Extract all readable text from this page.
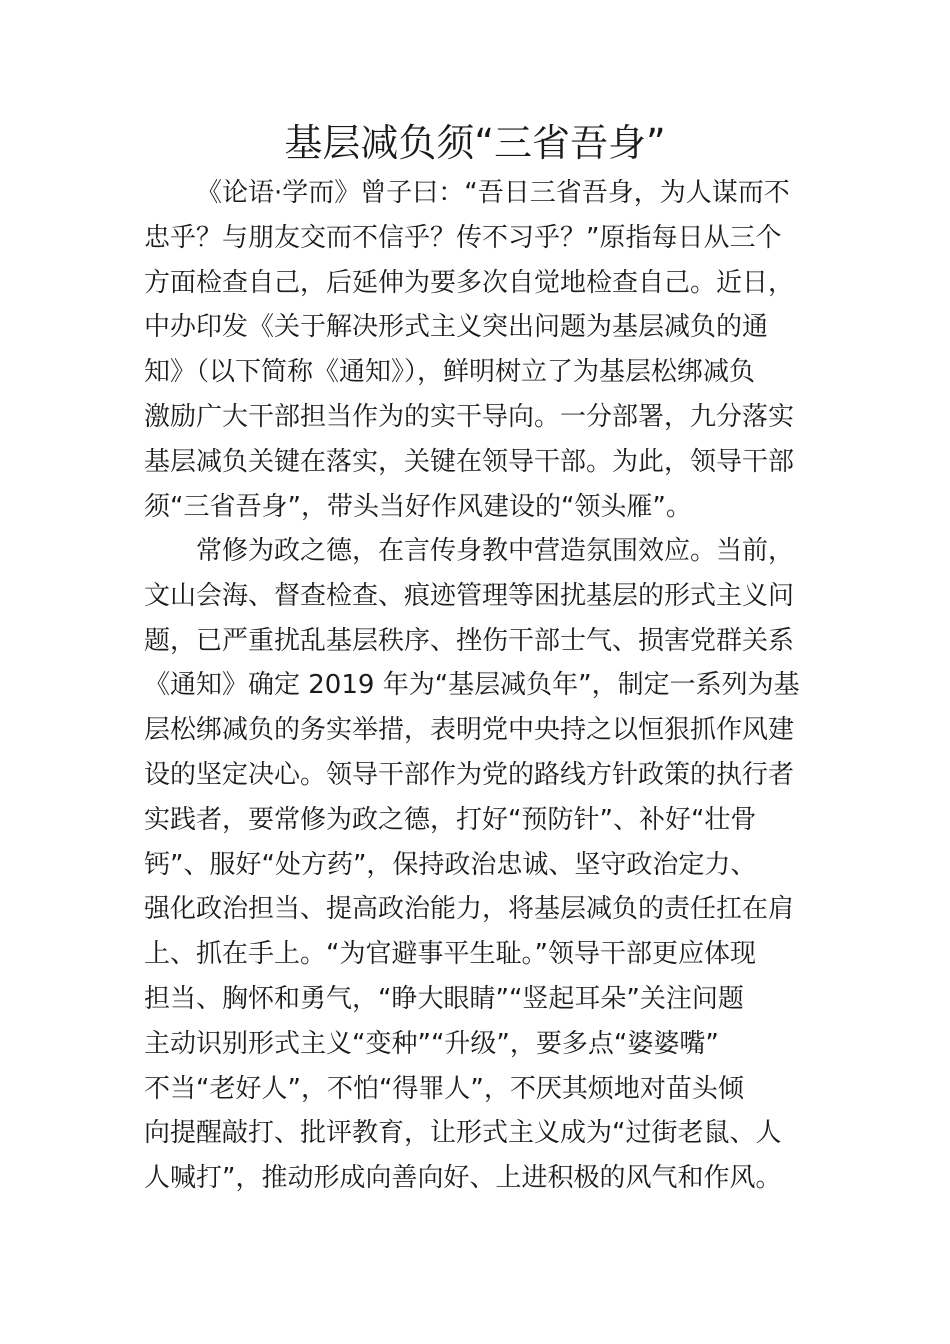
基层减负须“三省吾身”

《论语·学而》曾子曰：“吾日三省吾身，为人谋而不
忠乎？与朋友交而不信乎？传不习乎？”原指每日从三个
方面检查自己，后延伸为要多次自觉地检查自己。近日，
中办印发《关于解决形式主义突出问题为基层减负的通
知》（以下简称《通知》），鲜明树立了为基层松绑减负
激励广大干部担当作为的实干导向。一分部署，九分落实
基层减负关键在落实，关键在领导干部。为此，领导干部
须“三省吾身”，带头当好作风建设的“领头雁”。

常修为政之德，在言传身教中营造氛围效应。当前，
文山会海、督查检查、痕迹管理等困扰基层的形式主义问
题，已严重扰乱基层秩序、挫伤干部士气、损害党群关系
《通知》确定 2019 年为“基层减负年”，制定一系列为基
层松绑减负的务实举措，表明党中央持之以恒狠抓作风建
设的坚定决心。领导干部作为党的路线方针政策的执行者
实践者，要常修为政之德，打好“预防针”、补好“壮骨
钙”、服好“处方药”，保持政治忠诚、坚守政治定力、
强化政治担当、提高政治能力，将基层减负的责任扛在肩
上、抓在手上。“为官避事平生耻。”领导干部更应体现
担当、胸怀和勇气，“睁大眼睛”“竖起耳朵”关注问题
主动识别形式主义“变种”“升级”，要多点“婆婆嘴”
不当“老好人”，不怕“得罪人”，不厌其烦地对苗头倾
向提醒敲打、批评教育，让形式主义成为“过街老鼠、人
人喊打”，推动形成向善向好、上进积极的风气和作风。
